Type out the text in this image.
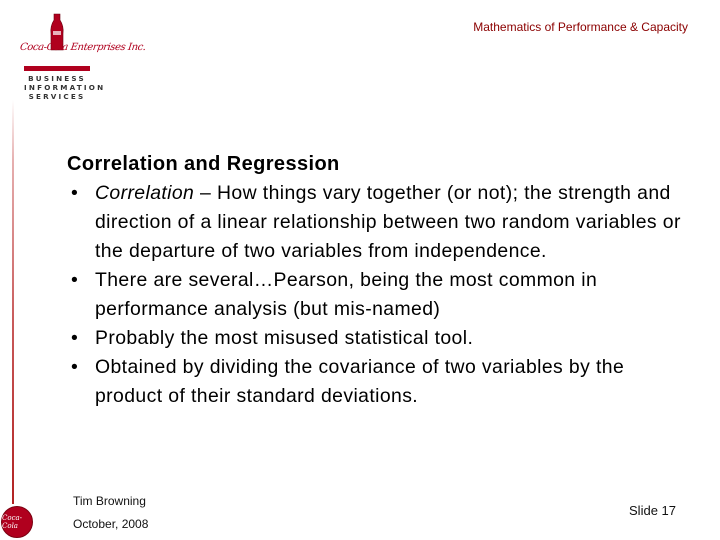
Coca-Cola Enterprises Inc.
BUSINESS
INFORMATION
SERVICES
Mathematics of Performance & Capacity
Correlation and Regression
• Correlation – How things vary together (or not); the strength and direction of a linear relationship between two random variables or the departure of two variables from independence.
• There are several…Pearson, being the most common in performance analysis (but mis-named)
• Probably the most misused statistical tool.
• Obtained by dividing the covariance of two variables by the product of their standard deviations.
Tim Browning
October, 2008
Slide 17
Coca-Cola
